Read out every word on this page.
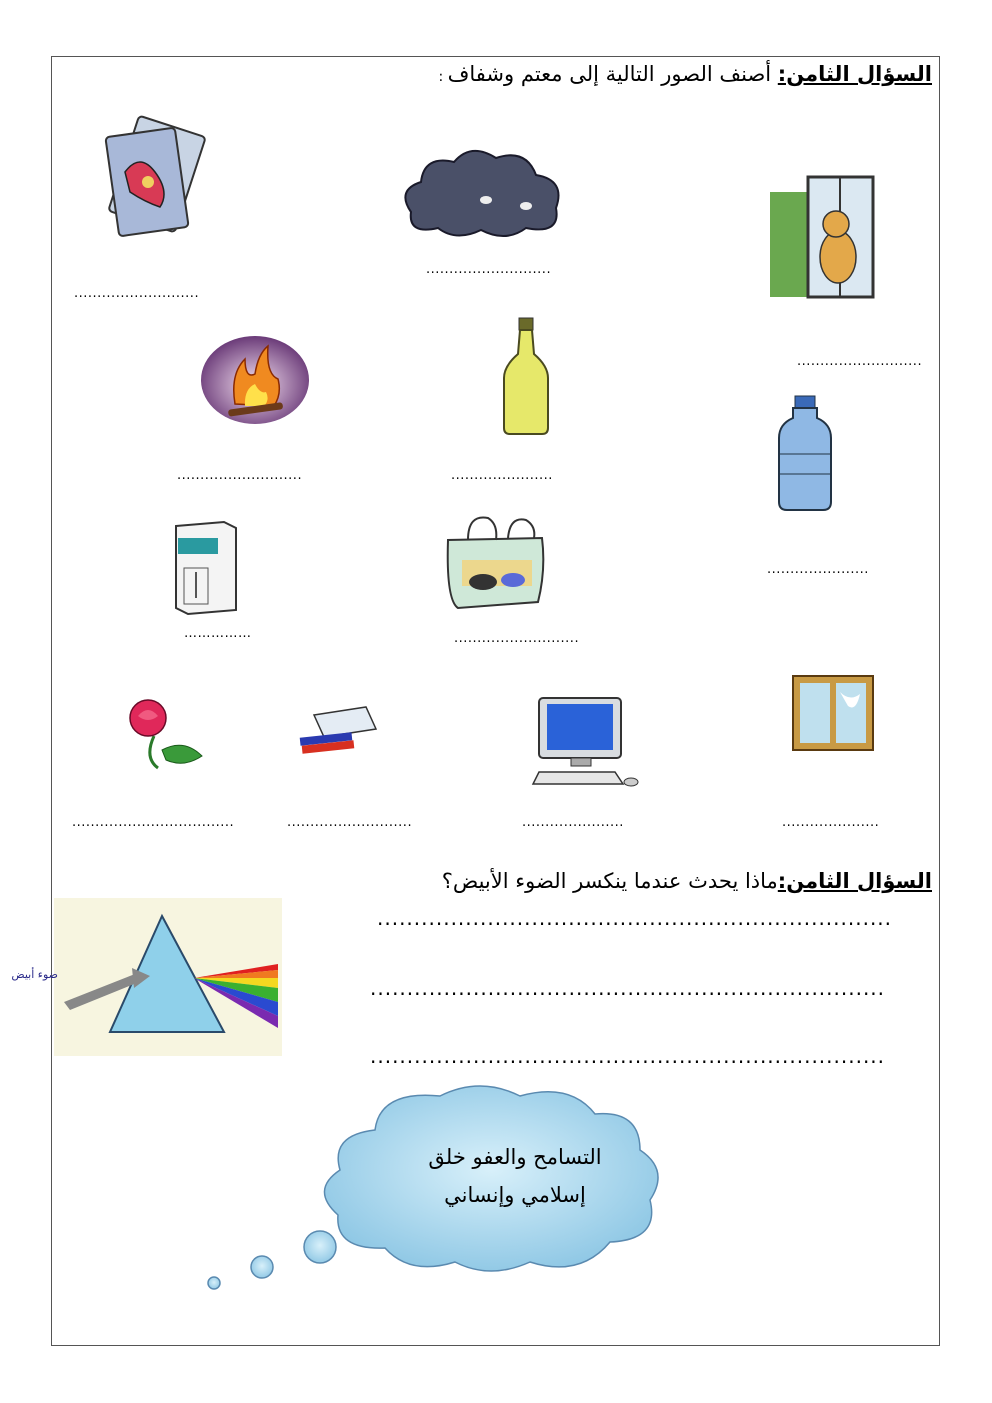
السؤال الثامن: أصنف الصور التالية إلى معتم وشفاف :
...........................
...........................
...........................
...........................	......................
......................
……………	...........................
...................................	...........................	......................	.....................
السؤال الثامن:ماذا يحدث عندما ينكسر الضوء الأبيض؟
ضوء أبيض
......................................................................
......................................................................
......................................................................
التسامح والعفو خلق
إسلامي وإنساني
